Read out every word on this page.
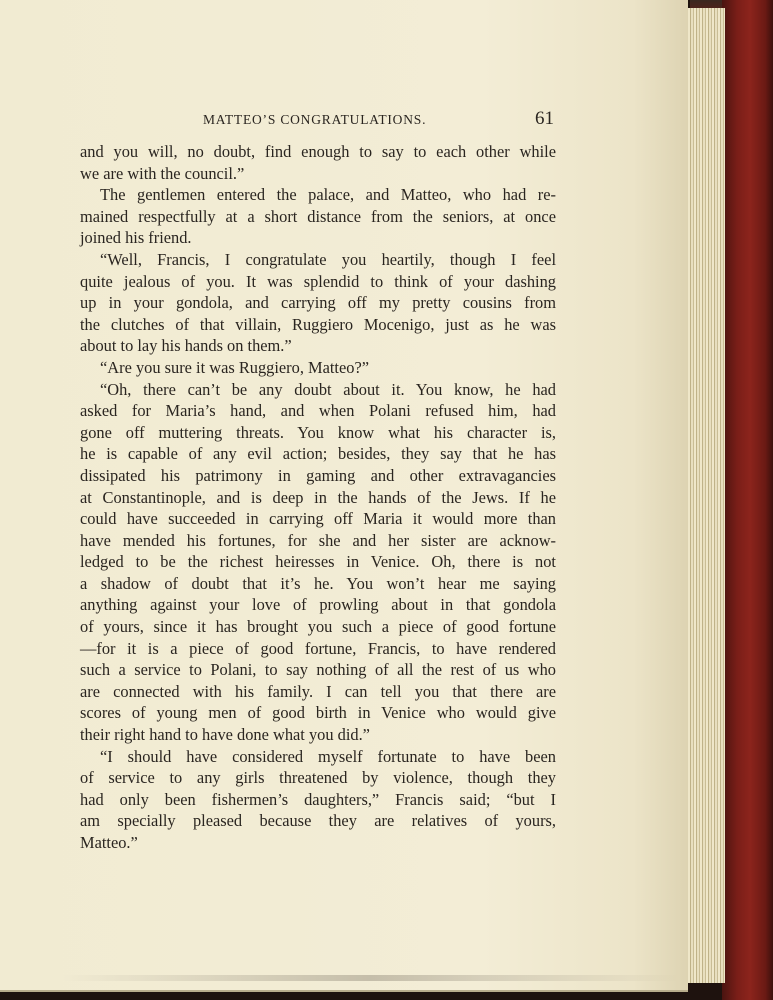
MATTEO’S CONGRATULATIONS.	61
and you will, no doubt, find enough to say to each other while
we are with the council.”
The gentlemen entered the palace, and Matteo, who had re-
mained respectfully at a short distance from the seniors, at once
joined his friend.
“Well, Francis, I congratulate you heartily, though I feel
quite jealous of you. It was splendid to think of your dashing
up in your gondola, and carrying off my pretty cousins from
the clutches of that villain, Ruggiero Mocenigo, just as he was
about to lay his hands on them.”
“Are you sure it was Ruggiero, Matteo?”
“Oh, there can’t be any doubt about it. You know, he had
asked for Maria’s hand, and when Polani refused him, had
gone off muttering threats. You know what his character is,
he is capable of any evil action; besides, they say that he has
dissipated his patrimony in gaming and other extravagancies
at Constantinople, and is deep in the hands of the Jews. If he
could have succeeded in carrying off Maria it would more than
have mended his fortunes, for she and her sister are acknow-
ledged to be the richest heiresses in Venice. Oh, there is not
a shadow of doubt that it’s he. You won’t hear me saying
anything against your love of prowling about in that gondola
of yours, since it has brought you such a piece of good fortune
—for it is a piece of good fortune, Francis, to have rendered
such a service to Polani, to say nothing of all the rest of us who
are connected with his family. I can tell you that there are
scores of young men of good birth in Venice who would give
their right hand to have done what you did.”
“I should have considered myself fortunate to have been
of service to any girls threatened by violence, though they
had only been fishermen’s daughters,” Francis said; “but I
am specially pleased because they are relatives of yours,
Matteo.”
